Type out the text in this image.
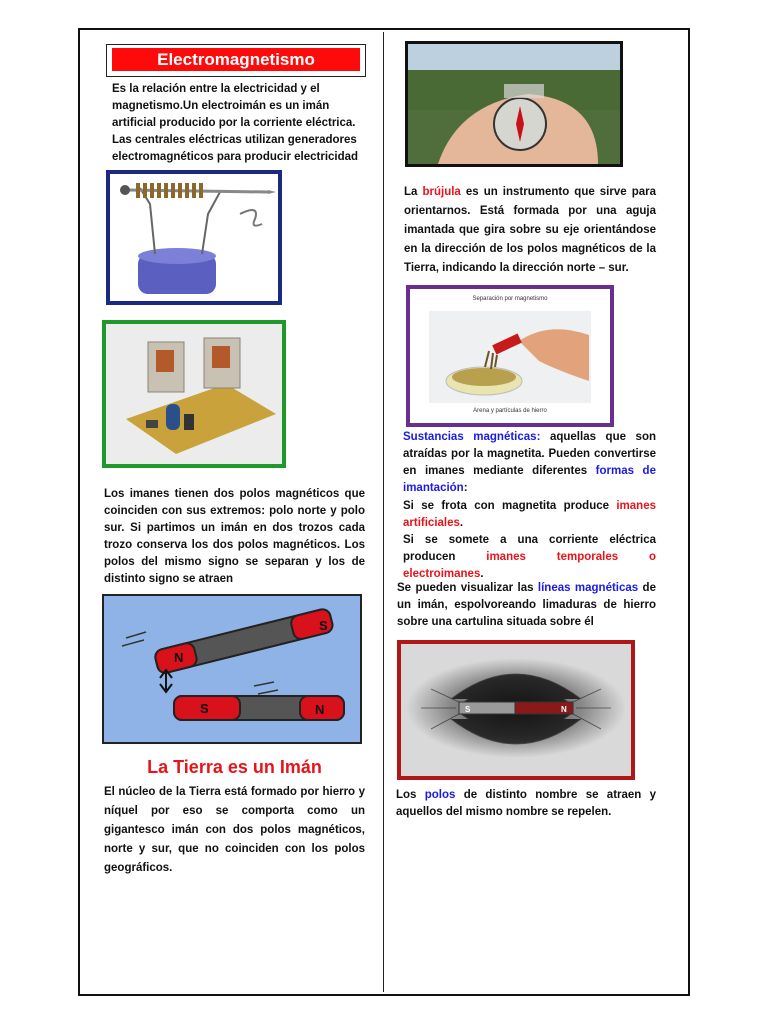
Electromagnetismo

Es la relación entre la electricidad y el magnetismo.Un electroimán es un imán artificial producido por la corriente eléctrica. Las centrales eléctricas utilizan generadores electromagnéticos para producir electricidad

Los imanes tienen dos polos magnéticos que coinciden con sus extremos: polo norte y polo sur. Si partimos un imán en dos trozos cada trozo conserva los dos polos magnéticos. Los polos del mismo signo se separan y los de distinto signo se atraen

N
S
S	N

La Tierra es un Imán

El núcleo de la Tierra está formado por hierro y níquel por eso se comporta como un gigantesco imán con dos polos magnéticos, norte y sur, que no coinciden con los polos geográficos.

La brújula es un instrumento que sirve para orientarnos. Está formada por una aguja imantada que gira sobre su eje orientándose en la dirección de los polos magnéticos de la Tierra, indicando la dirección norte – sur.

Separación por magnetismo
Arena y partículas de hierro

Sustancias magnéticas: aquellas que son atraídas por la magnetita. Pueden convertirse en imanes mediante diferentes formas de imantación:

Si se frota con magnetita produce imanes artificiales.

Si se somete a una corriente eléctrica producen imanes temporales o electroimanes.

Se pueden visualizar las líneas magnéticas de un imán, espolvoreando limaduras de hierro sobre una cartulina situada sobre él

S	N

Los polos de distinto nombre se atraen y aquellos del mismo nombre se repelen.
